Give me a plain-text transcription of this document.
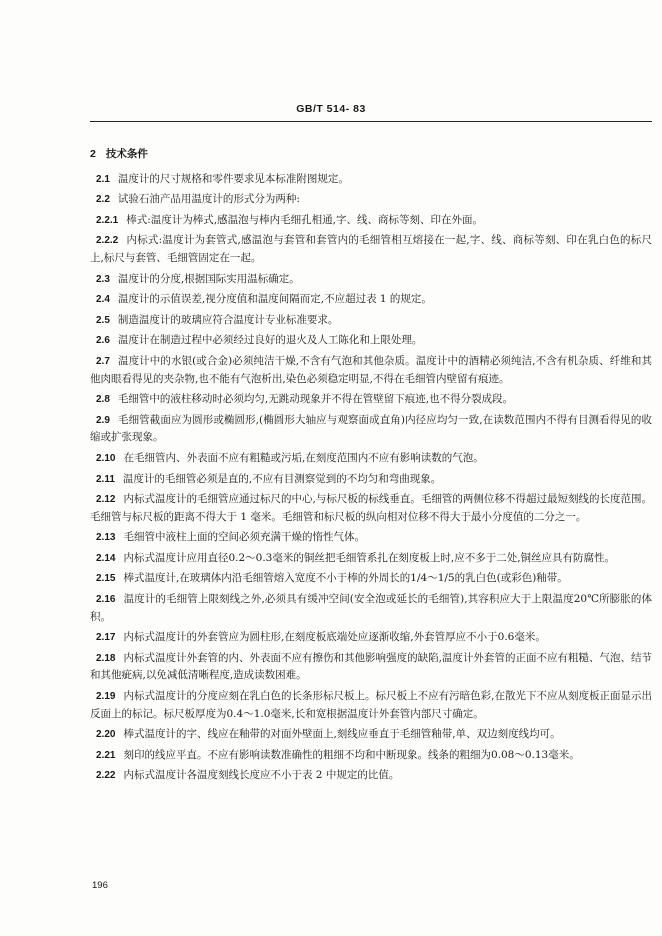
GB/T 514- 83
2 技术条件
2.1 温度计的尺寸规格和零件要求见本标准附图规定。
2.2 试验石油产品用温度计的形式分为两种:
2.2.1 棒式:温度计为棒式,感温泡与棒内毛细孔相通,字、线、商标等刻、印在外面。
2.2.2 内标式:温度计为套管式,感温泡与套管和套管内的毛细管相互熔接在一起,字、线、商标等刻、印在乳白色的标尺上,标尺与套管、毛细管固定在一起。
2.3 温度计的分度,根据国际实用温标确定。
2.4 温度计的示值误差,视分度值和温度间隔而定,不应超过表 1 的规定。
2.5 制造温度计的玻璃应符合温度计专业标准要求。
2.6 温度计在制造过程中必须经过良好的退火及人工陈化和上限处理。
2.7 温度计中的水银(或合金)必须纯洁干燥,不含有气泡和其他杂质。温度计中的酒精必须纯洁,不含有机杂质、纤维和其他肉眼看得见的夹杂物,也不能有气泡析出,染色必须稳定明显,不得在毛细管内壁留有痕迹。
2.8 毛细管中的液柱移动时必须均匀,无跳动现象并不得在管壁留下痕迹,也不得分裂成段。
2.9 毛细管截面应为圆形或椭圆形,(椭圆形大轴应与观察面成直角)内径应均匀一致,在读数范围内不得有目测看得见的收缩或扩张现象。
2.10 在毛细管内、外表面不应有粗糙或污垢,在刻度范围内不应有影响读数的气泡。
2.11 温度计的毛细管必须是直的,不应有目测察觉到的不均匀和弯曲现象。
2.12 内标式温度计的毛细管应通过标尺的中心,与标尺板的标线垂直。毛细管的两侧位移不得超过最短刻线的长度范围。毛细管与标尺板的距离不得大于 1 毫米。毛细管和标尺板的纵向相对位移不得大于最小分度值的二分之一。
2.13 毛细管中液柱上面的空间必须充满干燥的惰性气体。
2.14 内标式温度计应用直径0.2～0.3毫米的铜丝把毛细管系扎在刻度板上时,应不多于二处,铜丝应具有防腐性。
2.15 棒式温度计,在玻璃体内沿毛细管熔入宽度不小于棒的外周长的1/4～1/5的乳白色(或彩色)釉带。
2.16 温度计的毛细管上限刻线之外,必须具有缓冲空间(安全泡或延长的毛细管),其容积应大于上限温度20℃所膨胀的体积。
2.17 内标式温度计的外套管应为圆柱形,在刻度板底端处应逐渐收缩,外套管厚应不小于0.6毫米。
2.18 内标式温度计外套管的内、外表面不应有擦伤和其他影响强度的缺陷,温度计外套管的正面不应有粗糙、气泡、结节和其他疵病,以免减低清晰程度,造成读数困难。
2.19 内标式温度计的分度应刻在乳白色的长条形标尺板上。标尺板上不应有污暗色彩,在散光下不应从刻度板正面显示出反面上的标记。标尺板厚度为0.4～1.0毫米,长和宽根据温度计外套管内部尺寸确定。
2.20 棒式温度计的字、线应在釉带的对面外壁面上,刻线应垂直于毛细管釉带,单、双边刻度线均可。
2.21 刻印的线应平直。不应有影响读数准确性的粗细不均和中断现象。线条的粗细为0.08～0.13毫米。
2.22 内标式温度计各温度刻线长度应不小于表 2 中规定的比值。
196
